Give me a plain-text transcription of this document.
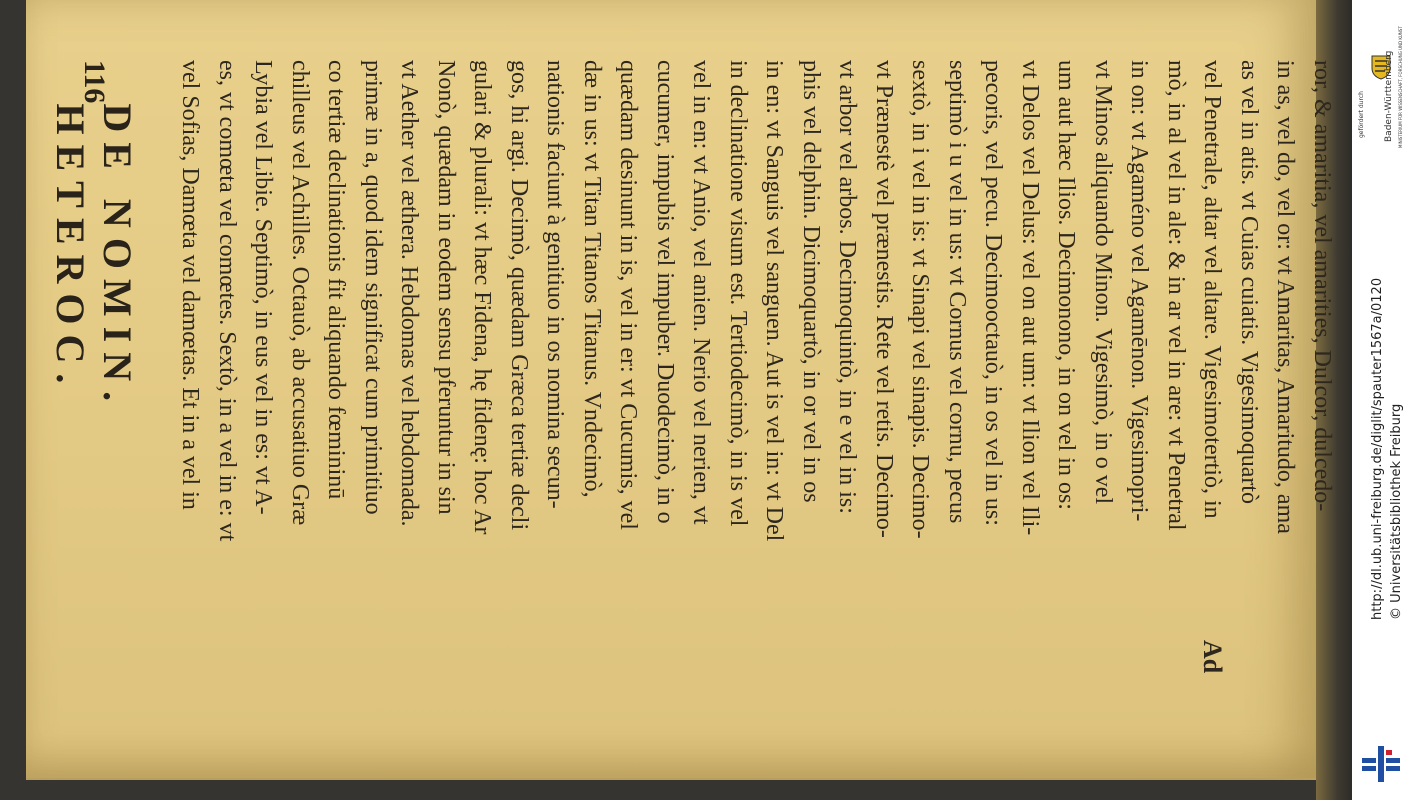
116
DE NOMIN. HETEROC.	vel Sofias, Damœta vel damœtas. Et in a vel in es, vt comœta vel comœtes. Sextò, in a vel in e: vt Lybia vel Libie. Septimò, in eus vel in es: vt A- chilleus vel Achilles. Octauò, ab accusatiuo Græ co tertiæ declinationis fit aliquando fœmininū primæ in a, quod idem significat cum primitiuo vt Aether vel æthera. Hebdomas vel hebdomada. Nonò, quædam in eodem sensu pferuntur in sin gulari & plurali: vt hæc Fidena, hę fidenę: hoc Ar gos, hi argi. Decimò, quædam Græca tertiæ decli nationis faciunt à genitiuo in os nomina secun- dæ in us: vt Titan Titanos Titanus. Vndecimò, quædam desinunt in is, vel in er: vt Cucumis, vel cucumer, impubis vel impuber. Duodecimò, in o vel in en: vt Anio, vel anien. Nerio vel nerien, vt in declinatione visum est. Tertiodecimò, in is vel in en: vt Sanguis vel sanguen. Aut is vel in: vt Del phis vel delphin. Dicimoquartò, in or vel in os vt arbor vel arbos. Decimoquintò, in e vel in is: vt Prænestè vel prænestis. Rete vel retis. Decimo- sextò, in i vel in is: vt Sinapi vel sinapis. Decimo- septimò i u vel in us: vt Cornus vel cornu, pecus pecoris, vel pecu. Decimooctauò, in os vel in us: vt Delos vel Delus: vel on aut um: vt Ilion vel Ili- um aut hæc Ilios. Decimonono, in on vel in os: vt Minos aliquando Minon. Vigesimò, in o vel in on: vt Agaméno vel Agamēnon. Vigesimopri- mò, in al vel in ale: & in ar vel in are: vt Penetral vel Penetrale, altar vel altare. Vigesimotertiò, in as vel in atis. vt Cuias cuiatis. Vigesimoquartò in as, vel do, vel or: vt Amaritas, Amaritudo, ama ror, & amaritia, vel amarities, Dulcor, dulcedo-
Ad
gefördert durch Baden-Württemberg MINISTERIUM FÜR WISSENSCHAFT, FORSCHUNG UND KUNST
http://dl.ub.uni-freiburg.de/diglit/spauter1567a/0120 © Universitätsbibliothek Freiburg
